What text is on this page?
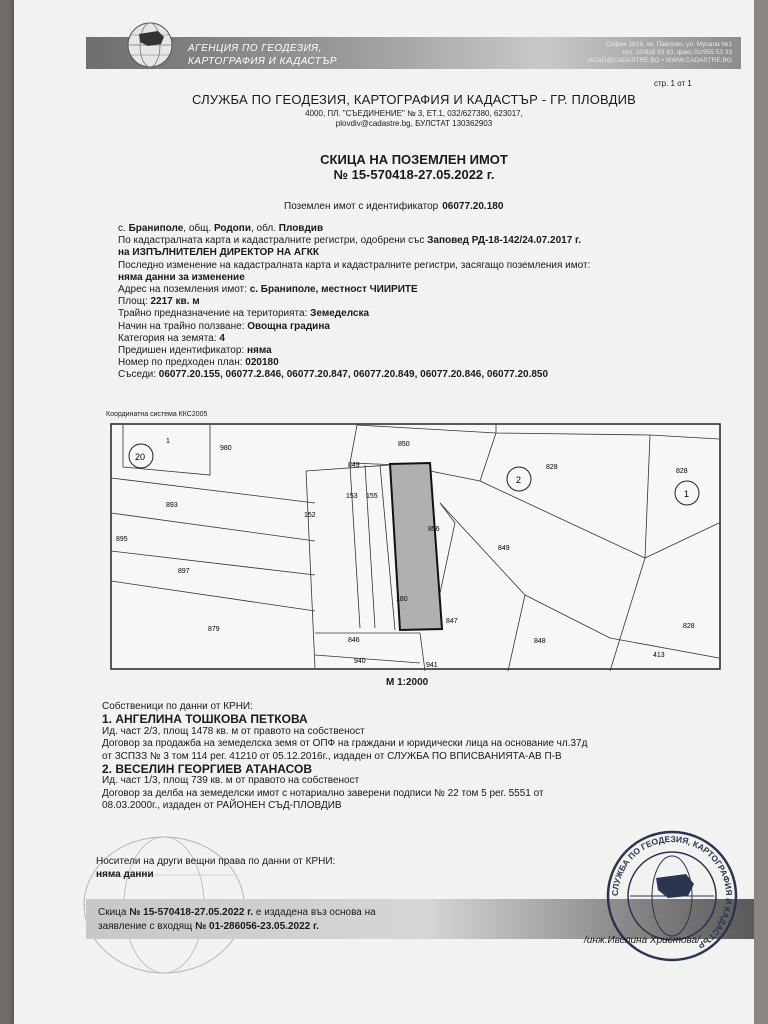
АГЕНЦИЯ ПО ГЕОДЕЗИЯ,
КАРТОГРАФИЯ И КАДАСТЪР
София 1618, кв. Павлово, ул. Мусала №1
тел. 02/818 83 83, факс 02/955 53 33
ACAD@CADASTRE.BG • WWW.CADASTRE.BG
стр. 1 от 1
СЛУЖБА ПО ГЕОДЕЗИЯ, КАРТОГРАФИЯ И КАДАСТЪР - ГР. ПЛОВДИВ
4000, ПЛ. "СЪЕДИНЕНИЕ" № 3, ЕТ.1, 032/627380, 623017,
plovdiv@cadastre.bg, БУЛСТАТ 130362903
СКИЦА НА ПОЗЕМЛЕН ИМОТ
№ 15-570418-27.05.2022 г.
Поземлен имот с идентификатор 06077.20.180
с. Браниполе, общ. Родопи, обл. Пловдив
По кадастралната карта и кадастралните регистри, одобрени със Заповед РД-18-142/24.07.2017 г.
на ИЗПЪЛНИТЕЛЕН ДИРЕКТОР НА АГКК
Последно изменение на кадастралната карта и кадастралните регистри, засягащо поземления имот:
няма данни за изменение
Адрес на поземления имот: с. Браниполе, местност ЧИИРИТЕ
Площ: 2217 кв. м
Трайно предназначение на територията: Земеделска
Начин на трайно ползване: Овощна градина
Категория на земята: 4
Предишен идентификатор: няма
Номер по предходен план: 020180
Съседи: 06077.20.155, 06077.2.846, 06077.20.847, 06077.20.849, 06077.20.846, 06077.20.850
Координатна система ККС2005
1
980
850
828
828
828
20
2
1
893
895
897
879
152
849
153 155
856
849
180
847
846	848
940
941
413
М 1:2000
Собственици по данни от КРНИ:
1. АНГЕЛИНА ТОШКОВА ПЕТКОВА
Ид. част 2/3, площ 1478 кв. м от правото на собственост
Договор за продажба на земеделска земя от ОПФ на граждани и юридически лица на основание чл.37д
от ЗСПЗЗ № 3 том 114 рег. 41210 от 05.12.2016г., издаден от СЛУЖБА ПО ВПИСВАНИЯТА-АВ П-В
2. ВЕСЕЛИН ГЕОРГИЕВ АТАНАСОВ
Ид. част 1/3, площ 739 кв. м от правото на собственост
Договор за делба на земеделски имот с нотариално заверени подписи № 22 том 5 рег. 5551 от
08.03.2000г., издаден от РАЙОНЕН СЪД-ПЛОВДИВ
Носители на други вещни права по данни от КРНИ:
няма данни
Скица № 15-570418-27.05.2022 г. е издадена въз основа на
заявление с входящ № 01-286056-23.05.2022 г.
СЛУЖБА ПО ГЕОДЕЗИЯ, КАРТОГРАФИЯ И КАДАСТЪР
/инж.Ивелина Христова/
